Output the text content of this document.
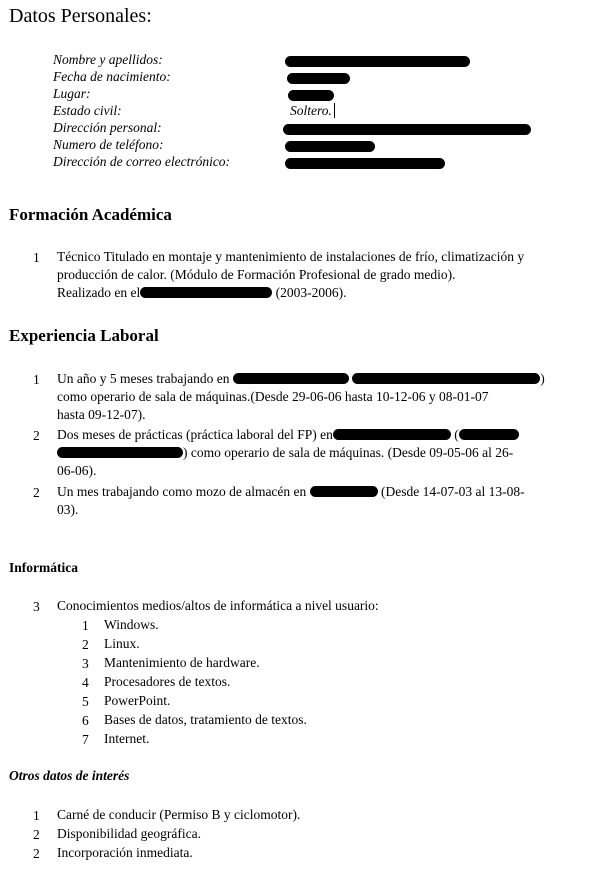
Datos Personales:
Nombre y apellidos:
Fecha de nacimiento:
Lugar:
Estado civil:	Soltero.
Dirección personal:
Numero de teléfono:
Dirección de correo electrónico:
Formación Académica
1 Técnico Titulado en montaje y mantenimiento de instalaciones de frío, climatización y
producción de calor. (Módulo de Formación Profesional de grado medio).
Realizado en el	(2003-2006).
Experiencia Laboral
1 Un año y 5 meses trabajando en	)
como operario de sala de máquinas.(Desde 29-06-06 hasta 10-12-06 y 08-01-07
hasta 09-12-07).
2 Dos meses de prácticas (práctica laboral del FP) en	(
) como operario de sala de máquinas. (Desde 09-05-06 al 26-
06-06).
2 Un mes trabajando como mozo de almacén en	(Desde 14-07-03 al 13-08-
03).
Informática
3 Conocimientos medios/altos de informática a nivel usuario:
1 Windows.
2 Linux.
3 Mantenimiento de hardware.
4 Procesadores de textos.
5 PowerPoint.
6 Bases de datos, tratamiento de textos.
7 Internet.
Otros datos de interés
1 Carné de conducir (Permiso B y ciclomotor).
2 Disponibilidad geográfica.
2 Incorporación inmediata.
